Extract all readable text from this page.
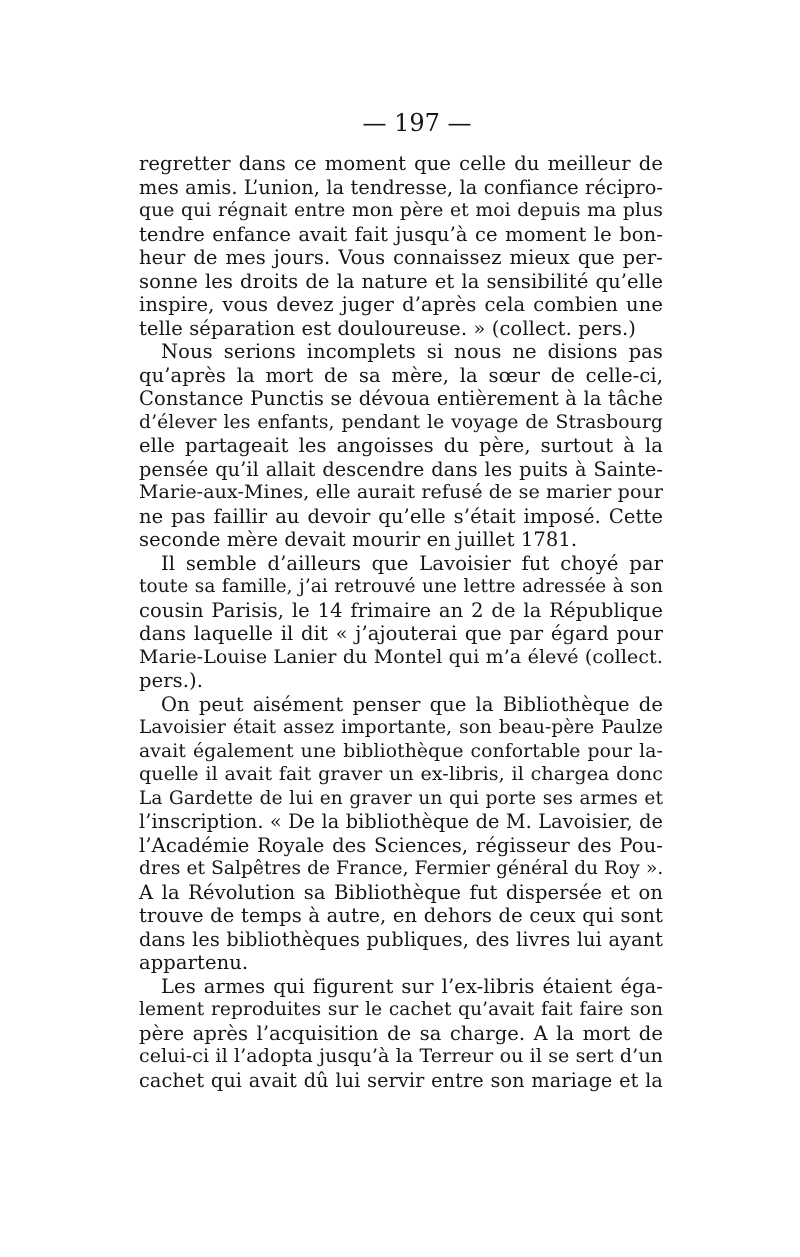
— 197 —
regretter dans ce moment que celle du meilleur de
mes amis. L’union, la tendresse, la confiance récipro-
que qui régnait entre mon père et moi depuis ma plus
tendre enfance avait fait jusqu’à ce moment le bon-
heur de mes jours. Vous connaissez mieux que per-
sonne les droits de la nature et la sensibilité qu’elle
inspire, vous devez juger d’après cela combien une
telle séparation est douloureuse. » (collect. pers.)
Nous serions incomplets si nous ne disions pas
qu’après la mort de sa mère, la sœur de celle-ci,
Constance Punctis se dévoua entièrement à la tâche
d’élever les enfants, pendant le voyage de Strasbourg
elle partageait les angoisses du père, surtout à la
pensée qu’il allait descendre dans les puits à Sainte-
Marie-aux-Mines, elle aurait refusé de se marier pour
ne pas faillir au devoir qu’elle s’était imposé. Cette
seconde mère devait mourir en juillet 1781.
Il semble d’ailleurs que Lavoisier fut choyé par
toute sa famille, j’ai retrouvé une lettre adressée à son
cousin Parisis, le 14 frimaire an 2 de la République
dans laquelle il dit « j’ajouterai que par égard pour
Marie-Louise Lanier du Montel qui m’a élevé (collect.
pers.).
On peut aisément penser que la Bibliothèque de
Lavoisier était assez importante, son beau-père Paulze
avait également une bibliothèque confortable pour la-
quelle il avait fait graver un ex-libris, il chargea donc
La Gardette de lui en graver un qui porte ses armes et
l’inscription. « De la bibliothèque de M. Lavoisier, de
l’Académie Royale des Sciences, régisseur des Pou-
dres et Salpêtres de France, Fermier général du Roy ».
A la Révolution sa Bibliothèque fut dispersée et on
trouve de temps à autre, en dehors de ceux qui sont
dans les bibliothèques publiques, des livres lui ayant
appartenu.
Les armes qui figurent sur l’ex-libris étaient éga-
lement reproduites sur le cachet qu’avait fait faire son
père après l’acquisition de sa charge. A la mort de
celui-ci il l’adopta jusqu’à la Terreur ou il se sert d’un
cachet qui avait dû lui servir entre son mariage et la
